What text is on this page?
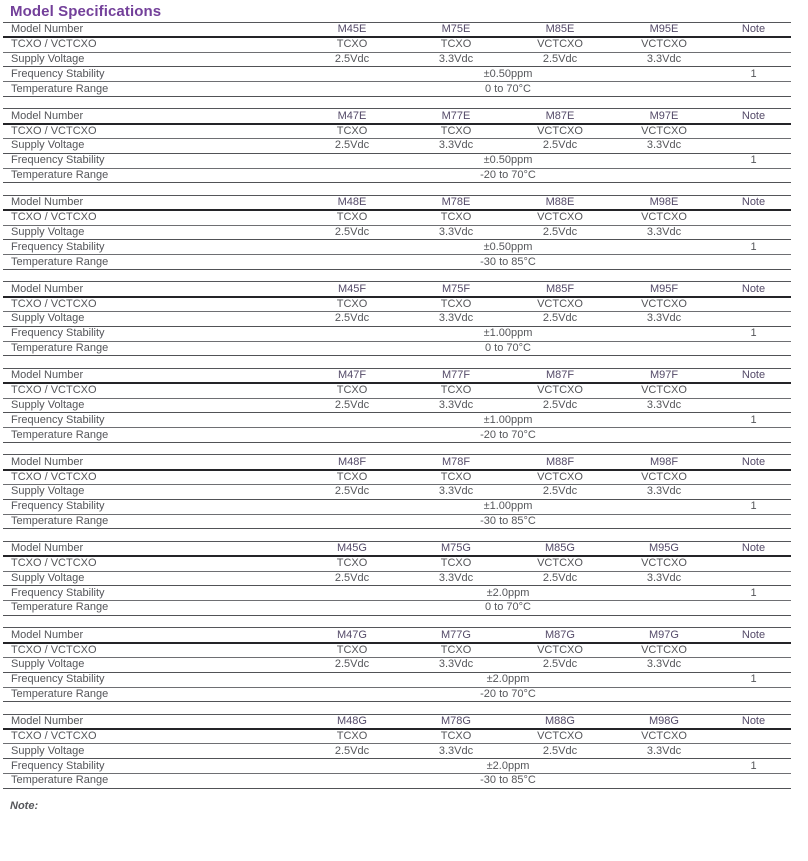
Model Specifications
Model Number	M45E	M75E	M85E	M95E	Note
TCXO / VCTCXO	TCXO	TCXO	VCTCXO	VCTCXO	
Supply Voltage	2.5Vdc	3.3Vdc	2.5Vdc	3.3Vdc	
Frequency Stability	±0.50ppm				1
Temperature Range	0 to 70°C				
Model Number	M47E	M77E	M87E	M97E	Note
TCXO / VCTCXO	TCXO	TCXO	VCTCXO	VCTCXO	
Supply Voltage	2.5Vdc	3.3Vdc	2.5Vdc	3.3Vdc	
Frequency Stability	±0.50ppm				1
Temperature Range	-20 to 70°C				
Model Number	M48E	M78E	M88E	M98E	Note
TCXO / VCTCXO	TCXO	TCXO	VCTCXO	VCTCXO	
Supply Voltage	2.5Vdc	3.3Vdc	2.5Vdc	3.3Vdc	
Frequency Stability	±0.50ppm				1
Temperature Range	-30 to 85°C				
Model Number	M45F	M75F	M85F	M95F	Note
TCXO / VCTCXO	TCXO	TCXO	VCTCXO	VCTCXO	
Supply Voltage	2.5Vdc	3.3Vdc	2.5Vdc	3.3Vdc	
Frequency Stability	±1.00ppm				1
Temperature Range	0 to 70°C				
Model Number	M47F	M77F	M87F	M97F	Note
TCXO / VCTCXO	TCXO	TCXO	VCTCXO	VCTCXO	
Supply Voltage	2.5Vdc	3.3Vdc	2.5Vdc	3.3Vdc	
Frequency Stability	±1.00ppm				1
Temperature Range	-20 to 70°C				
Model Number	M48F	M78F	M88F	M98F	Note
TCXO / VCTCXO	TCXO	TCXO	VCTCXO	VCTCXO	
Supply Voltage	2.5Vdc	3.3Vdc	2.5Vdc	3.3Vdc	
Frequency Stability	±1.00ppm				1
Temperature Range	-30 to 85°C				
Model Number	M45G	M75G	M85G	M95G	Note
TCXO / VCTCXO	TCXO	TCXO	VCTCXO	VCTCXO	
Supply Voltage	2.5Vdc	3.3Vdc	2.5Vdc	3.3Vdc	
Frequency Stability	±2.0ppm				1
Temperature Range	0 to 70°C				
Model Number	M47G	M77G	M87G	M97G	Note
TCXO / VCTCXO	TCXO	TCXO	VCTCXO	VCTCXO	
Supply Voltage	2.5Vdc	3.3Vdc	2.5Vdc	3.3Vdc	
Frequency Stability	±2.0ppm				1
Temperature Range	-20 to 70°C				
Model Number	M48G	M78G	M88G	M98G	Note
TCXO / VCTCXO	TCXO	TCXO	VCTCXO	VCTCXO	
Supply Voltage	2.5Vdc	3.3Vdc	2.5Vdc	3.3Vdc	
Frequency Stability	±2.0ppm				1
Temperature Range	-30 to 85°C				
Note:
